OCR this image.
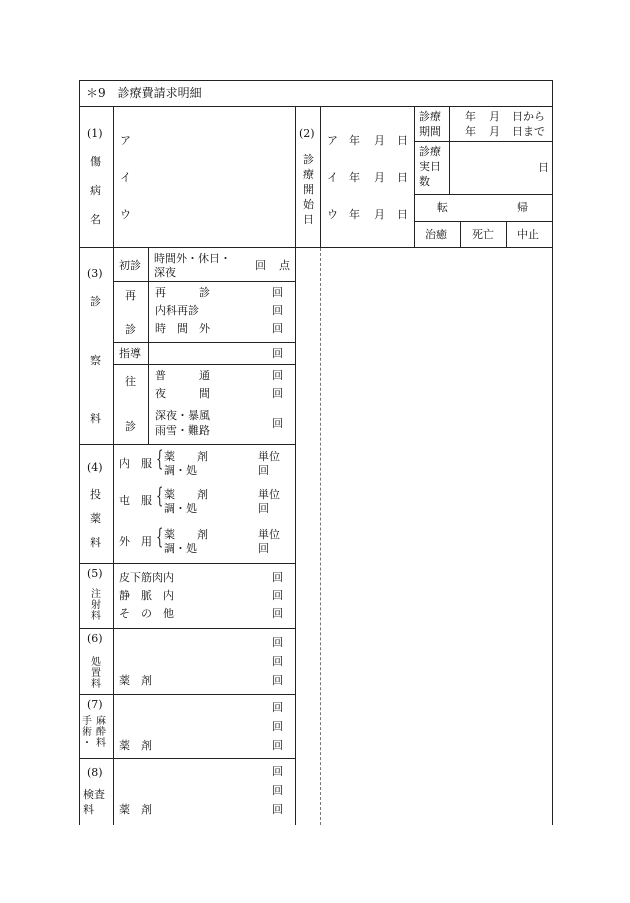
＊9　診療費請求明細
(1)
傷
病
名
ア
イ
ウ
(2)
診
療
開
始
日
ア 年 月 日
イ 年 月 日
ウ 年 月 日
診療
期間
年 月 日から
年 月 日まで
診療
実日
数
日
転	帰
治癒 死亡 中止
(3)
診
察
料
初診
時間外・休日・
深夜
回 点
再
診
再　　　診
内科再診
時　間　外
回
回
回
指導	回
往
診
普　　　通
夜　　　間
深夜・暴風
雨雪・難路
回
回
回
(4)
投
薬
料
内　服 { 薬　　剤
調・処
単位
回
屯　服 { 薬　　剤
調・処
単位
回
外　用 { 薬　　剤
調・処
単位
回
(5)
注
射
料
皮下筋肉内
静　脈　内
そ　の　他
回
回
回
(6)
処
置
料
回
回
回
薬　剤
(7)
手
術
・
麻
酔
料
回
回
回
薬　剤
(8)
検査
料
回
回
回
薬　剤
